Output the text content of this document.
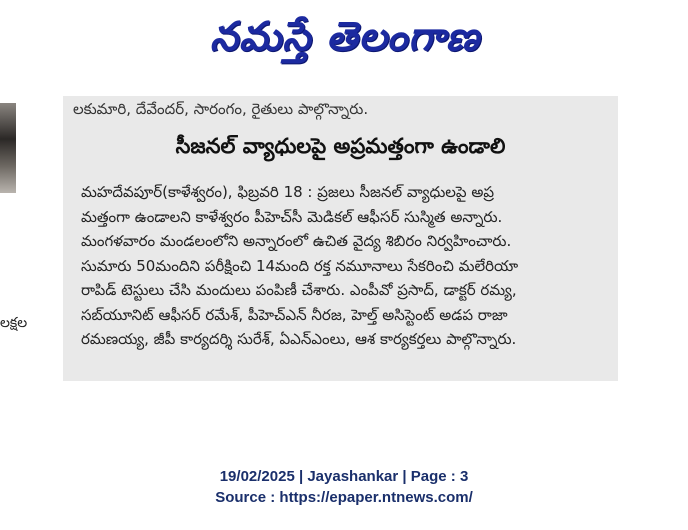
నమస్తే తెలంగాణ
లక్షల
లకుమారి, దేవేందర్, సారంగం, రైతులు పాల్గొన్నారు.
సీజనల్ వ్యాధులపై అప్రమత్తంగా ఉండాలి
మహదేవపూర్(కాళేశ్వరం), ఫిబ్రవరి 18 : ప్రజలు సీజనల్ వ్యాధులపై అప్ర
మత్తంగా ఉండాలని కాళేశ్వరం పీహెచ్‌సీ మెడికల్ ఆఫీసర్ సుస్మిత అన్నారు.
మంగళవారం మండలంలోని అన్నారంలో ఉచిత వైద్య శిబిరం నిర్వహించారు.
సుమారు 50మందిని పరీక్షించి 14మంది రక్త నమూనాలు సేకరించి మలేరియా
రాపిడ్ టెస్టులు చేసి మందులు పంపిణీ చేశారు. ఎంపీవో ప్రసాద్, డాక్టర్ రమ్య,
సబ్‌యూనిట్ ఆఫీసర్ రమేశ్, పీహెచ్‌ఎన్ నీరజ, హెల్త్ అసిస్టెంట్ అడప రాజా
రమణయ్య, జీపీ కార్యదర్శి సురేశ్, ఏఎన్‌ఎంలు, ఆశ కార్యకర్తలు పాల్గొన్నారు.
19/02/2025 | Jayashankar | Page : 3
Source : https://epaper.ntnews.com/
